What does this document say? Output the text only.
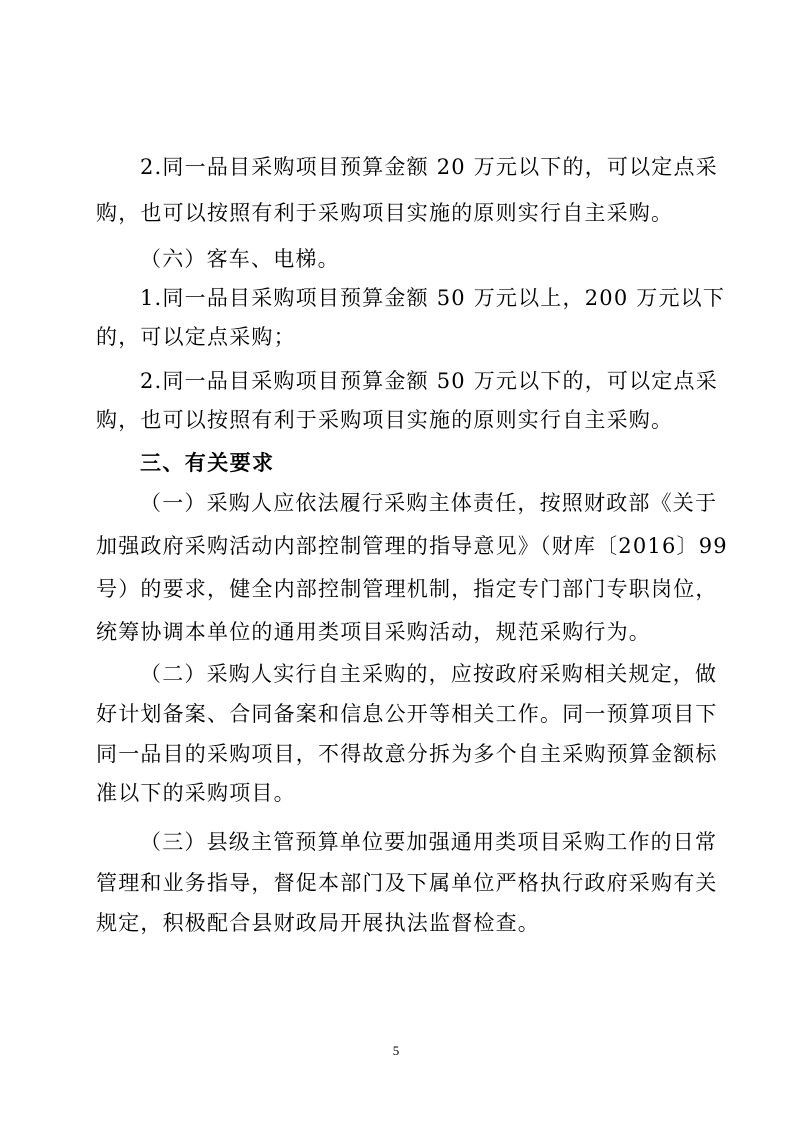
2.同一品目采购项目预算金额 20 万元以下的，可以定点采
购，也可以按照有利于采购项目实施的原则实行自主采购。
（六）客车、电梯。
1.同一品目采购项目预算金额 50 万元以上，200 万元以下
的，可以定点采购；
2.同一品目采购项目预算金额 50 万元以下的，可以定点采
购，也可以按照有利于采购项目实施的原则实行自主采购。
三、有关要求
（一）采购人应依法履行采购主体责任，按照财政部《关于
加强政府采购活动内部控制管理的指导意见》（财库〔2016〕99
号）的要求，健全内部控制管理机制，指定专门部门专职岗位，
统筹协调本单位的通用类项目采购活动，规范采购行为。
（二）采购人实行自主采购的，应按政府采购相关规定，做
好计划备案、合同备案和信息公开等相关工作。同一预算项目下
同一品目的采购项目，不得故意分拆为多个自主采购预算金额标
准以下的采购项目。
（三）县级主管预算单位要加强通用类项目采购工作的日常
管理和业务指导，督促本部门及下属单位严格执行政府采购有关
规定，积极配合县财政局开展执法监督检查。
5
